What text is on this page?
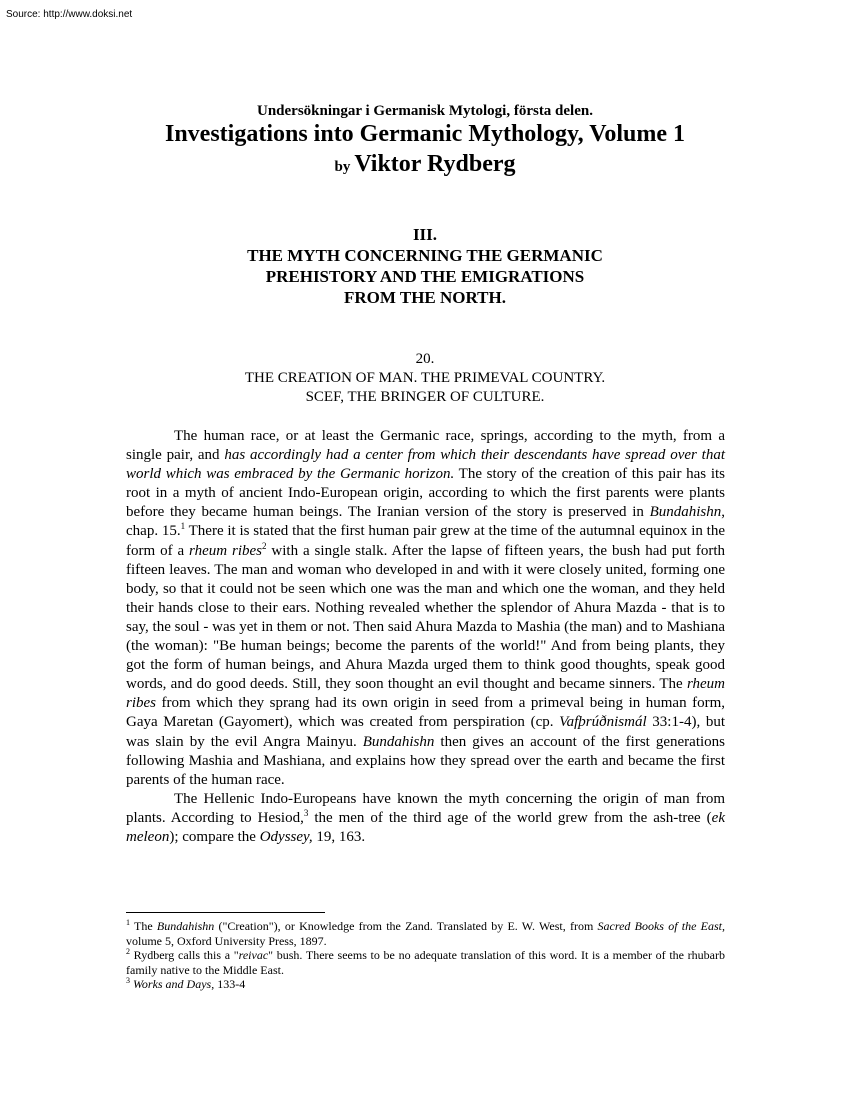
Source: http://www.doksi.net
Undersökningar i Germanisk Mytologi, första delen.
Investigations into Germanic Mythology, Volume 1
by Viktor Rydberg
III.
THE MYTH CONCERNING THE GERMANIC
PREHISTORY AND THE EMIGRATIONS
FROM THE NORTH.
20.
THE CREATION OF MAN. THE PRIMEVAL COUNTRY.
SCEF, THE BRINGER OF CULTURE.

The human race, or at least the Germanic race, springs, according to the myth, from a single pair, and has accordingly had a center from which their descendants have spread over that world which was embraced by the Germanic horizon. The story of the creation of this pair has its root in a myth of ancient Indo-European origin, according to which the first parents were plants before they became human beings. The Iranian version of the story is preserved in Bundahishn, chap. 15.$^1$ There it is stated that the first human pair grew at the time of the autumnal equinox in the form of a rheum ribes$^2$ with a single stalk. After the lapse of fifteen years, the bush had put forth fifteen leaves. The man and woman who developed in and with it were closely united, forming one body, so that it could not be seen which one was the man and which one the woman, and they held their hands close to their ears. Nothing revealed whether the splendor of Ahura Mazda - that is to say, the soul - was yet in them or not. Then said Ahura Mazda to Mashia (the man) and to Mashiana (the woman): "Be human beings; become the parents of the world!" And from being plants, they got the form of human beings, and Ahura Mazda urged them to think good thoughts, speak good words, and do good deeds. Still, they soon thought an evil thought and became sinners. The rheum ribes from which they sprang had its own origin in seed from a primeval being in human form, Gaya Maretan (Gayomert), which was created from perspiration (cp. Vafþrúðnismál 33:1-4), but was slain by the evil Angra Mainyu. Bundahishn then gives an account of the first generations following Mashia and Mashiana, and explains how they spread over the earth and became the first parents of the human race.

The Hellenic Indo-Europeans have known the myth concerning the origin of man from plants. According to Hesiod,$^3$ the men of the third age of the world grew from the ash-tree (ek meleon); compare the Odyssey, 19, 163.

$^1$ The Bundahishn ("Creation"), or Knowledge from the Zand. Translated by E. W. West, from Sacred Books of the East, volume 5, Oxford University Press, 1897.

$^2$ Rydberg calls this a "reivac" bush. There seems to be no adequate translation of this word. It is a member of the rhubarb family native to the Middle East.

$^3$ Works and Days, 133-4
